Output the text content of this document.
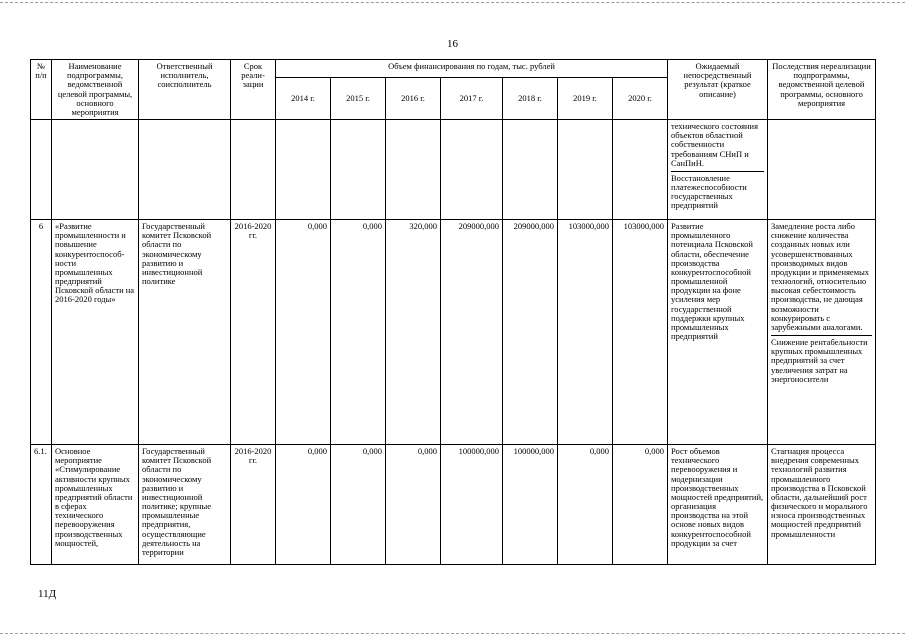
16
№ п/п	Наименование подпрограммы, ведомственной целевой программы, основного мероприятия	Ответственный исполнитель, соисполнитель	Срок реали-зации	Объем финансирования по годам, тыс. рублей							Ожидаемый непосредственный результат (краткое описание)	Последствия нереализации подпрограммы, ведомственной целевой программы, основного мероприятия
				2014 г.	2015 г.	2016 г.	2017 г.	2018 г.	2019 г.	2020 г.		

											технического состояния объектов областной собственности требованиям СНиП и СанПиН.

Восстановление платежеспособности государственных предприятий	

6	«Развитие промышленности и повышение конкурентоспособ-ности промышленных предприятий Псковской области на 2016-2020 годы»	Государственный комитет Псковской области по экономическому развитию и инвестиционной политике	2016-2020 гг.	0,000	0,000	320,000	209000,000	209000,000	103000,000	103000,000	Развитие промышленного потенциала Псковской области, обеспечение производства конкурентоспособной промышленной продукции на фоне усиления мер государственной поддержки крупных промышленных предприятий	Замедление роста либо снижение количества созданных новых или усовершенствованных производимых видов продукции и применяемых технологий, относительно высокая себестоимость производства, не дающая возможности конкурировать с зарубежными аналогами.

Снижение рентабельности крупных промышленных предприятий за счет увеличения затрат на энергоносители

6.1.	Основное мероприятие «Стимулирование активности крупных промышленных предприятий области в сферах технического перевооружения производственных мощностей,	Государственный комитет Псковской области по экономическому развитию и инвестиционной политике; крупные промышленные предприятия, осуществляющие деятельность на территории	2016-2020 гг.	0,000	0,000	0,000	100000,000	100000,000	0,000	0,000	Рост объемов технического перевооружения и модернизации производственных мощностей предприятий, организация производства на этой основе новых видов конкурентоспособной продукции за счет	Стагнация процесса внедрения современных технологий развития промышленного производства в Псковской области, дальнейший рост физического и морального износа производственных мощностей предприятий промышленности

11Д
